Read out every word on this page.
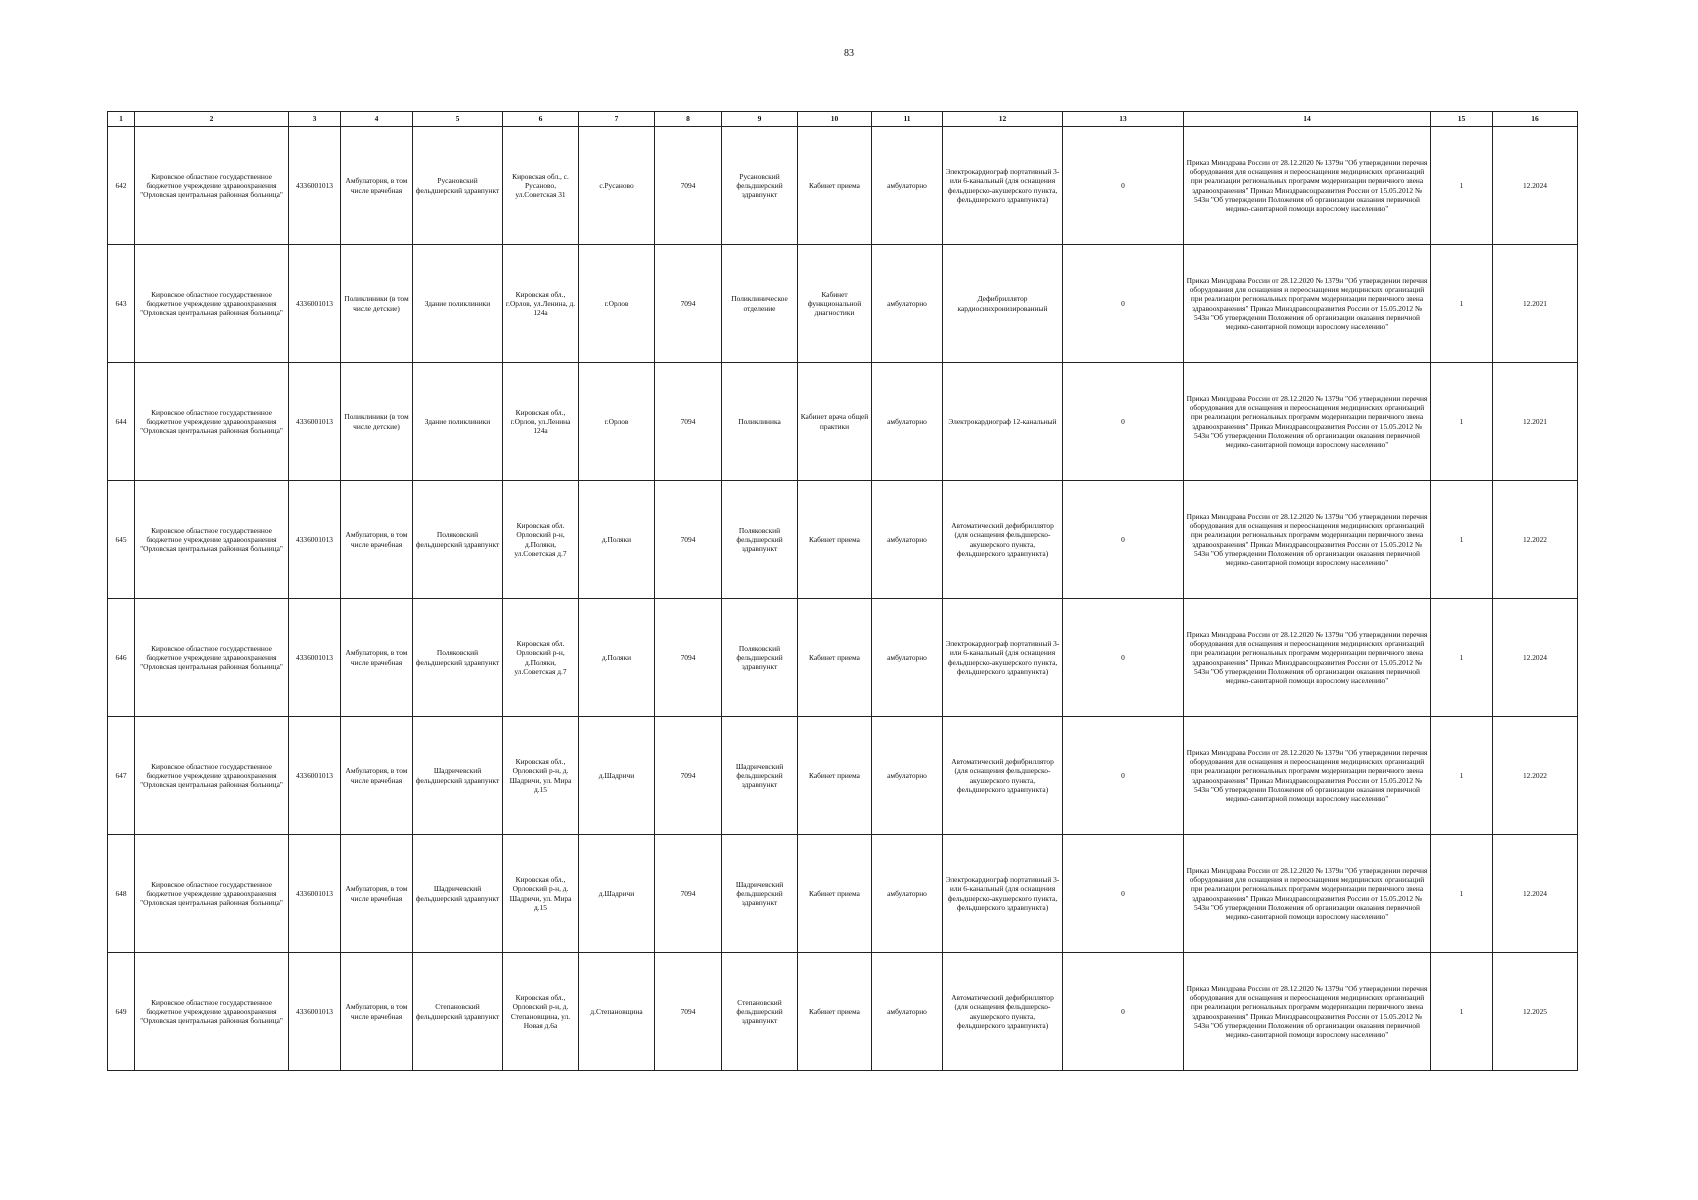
83
1	2	3	4	5	6	7	8	9	10	11	12	13	14	15	16
642	Кировское областное государственное бюджетное учреждение здравоохранения "Орловская центральная районная больница"	4336001013	Амбулатория, в том числе врачебная	Русановский фельдшерский здравпункт	Кировская обл., с. Русаново, ул.Советская 31	с.Русаново	7094	Русановский фельдшерский здравпункт	Кабинет приема	амбулаторно	Электрокардиограф портативный 3- или 6-канальный (для оснащения фельдшерско-акушерского пункта, фельдшерского здравпункта)	0	Приказ Минздрава России от 28.12.2020 № 1379н "Об утверждении перечня оборудования для оснащения и переоснащения медицинских организаций при реализации региональных программ модернизации первичного звена здравоохранения" Приказ Минздравсоцразвития России от 15.05.2012 № 543н "Об утверждении Положения об организации оказания первичной медико-санитарной помощи взрослому населению"	1	12.2024
643	Кировское областное государственное бюджетное учреждение здравоохранения "Орловская центральная районная больница"	4336001013	Поликлиники (в том числе детские)	Здание поликлиники	Кировская обл., г.Орлов, ул.Ленина, д. 124а	г.Орлов	7094	Поликлиническое отделение	Кабинет функциональной диагностики	амбулаторно	Дефибриллятор кардиосинхронизированный	0	Приказ Минздрава России от 28.12.2020 № 1379н "Об утверждении перечня оборудования для оснащения и переоснащения медицинских организаций при реализации региональных программ модернизации первичного звена здравоохранения" Приказ Минздравсоцразвития России от 15.05.2012 № 543н "Об утверждении Положения об организации оказания первичной медико-санитарной помощи взрослому населению"	1	12.2021
644	Кировское областное государственное бюджетное учреждение здравоохранения "Орловская центральная районная больница"	4336001013	Поликлиники (в том числе детские)	Здание поликлиники	Кировская обл., г.Орлов, ул.Ленина 124а	г.Орлов	7094	Поликлиника	Кабинет врача общей практики	амбулаторно	Электрокардиограф 12-канальный	0	Приказ Минздрава России от 28.12.2020 № 1379н "Об утверждении перечня оборудования для оснащения и переоснащения медицинских организаций при реализации региональных программ модернизации первичного звена здравоохранения" Приказ Минздравсоцразвития России от 15.05.2012 № 543н "Об утверждении Положения об организации оказания первичной медико-санитарной помощи взрослому населению"	1	12.2021
645	Кировское областное государственное бюджетное учреждение здравоохранения "Орловская центральная районная больница"	4336001013	Амбулатория, в том числе врачебная	Поляковский фельдшерский здравпункт	Кировская обл. Орловский р-н, д.Поляки, ул.Советская д.7	д.Поляки	7094	Поляковский фельдшерский здравпункт	Кабинет приема	амбулаторно	Автоматический дефибриллятор (для оснащения фельдшерско-акушерского пункта, фельдшерского здравпункта)	0	Приказ Минздрава России от 28.12.2020 № 1379н "Об утверждении перечня оборудования для оснащения и переоснащения медицинских организаций при реализации региональных программ модернизации первичного звена здравоохранения" Приказ Минздравсоцразвития России от 15.05.2012 № 543н "Об утверждении Положения об организации оказания первичной медико-санитарной помощи взрослому населению"	1	12.2022
646	Кировское областное государственное бюджетное учреждение здравоохранения "Орловская центральная районная больница"	4336001013	Амбулатория, в том числе врачебная	Поляковский фельдшерский здравпункт	Кировская обл. Орловский р-н, д.Поляки, ул.Советская д.7	д.Поляки	7094	Поляковский фельдшерский здравпункт	Кабинет приема	амбулаторно	Электрокардиограф портативный 3- или 6-канальный (для оснащения фельдшерско-акушерского пункта, фельдшерского здравпункта)	0	Приказ Минздрава России от 28.12.2020 № 1379н "Об утверждении перечня оборудования для оснащения и переоснащения медицинских организаций при реализации региональных программ модернизации первичного звена здравоохранения" Приказ Минздравсоцразвития России от 15.05.2012 № 543н "Об утверждении Положения об организации оказания первичной медико-санитарной помощи взрослому населению"	1	12.2024
647	Кировское областное государственное бюджетное учреждение здравоохранения "Орловская центральная районная больница"	4336001013	Амбулатория, в том числе врачебная	Шадричевский фельдшерский здравпункт	Кировская обл., Орловский р-н, д. Шадричи, ул. Мира д.15	д.Шадричи	7094	Шадричевский фельдшерский здравпункт	Кабинет приема	амбулаторно	Автоматический дефибриллятор (для оснащения фельдшерско-акушерского пункта, фельдшерского здравпункта)	0	Приказ Минздрава России от 28.12.2020 № 1379н "Об утверждении перечня оборудования для оснащения и переоснащения медицинских организаций при реализации региональных программ модернизации первичного звена здравоохранения" Приказ Минздравсоцразвития России от 15.05.2012 № 543н "Об утверждении Положения об организации оказания первичной медико-санитарной помощи взрослому населению"	1	12.2022
648	Кировское областное государственное бюджетное учреждение здравоохранения "Орловская центральная районная больница"	4336001013	Амбулатория, в том числе врачебная	Шадричевский фельдшерский здравпункт	Кировская обл., Орловский р-н, д. Шадричи, ул. Мира д.15	д.Шадричи	7094	Шадричевский фельдшерский здравпункт	Кабинет приема	амбулаторно	Электрокардиограф портативный 3- или 6-канальный (для оснащения фельдшерско-акушерского пункта, фельдшерского здравпункта)	0	Приказ Минздрава России от 28.12.2020 № 1379н "Об утверждении перечня оборудования для оснащения и переоснащения медицинских организаций при реализации региональных программ модернизации первичного звена здравоохранения" Приказ Минздравсоцразвития России от 15.05.2012 № 543н "Об утверждении Положения об организации оказания первичной медико-санитарной помощи взрослому населению"	1	12.2024
649	Кировское областное государственное бюджетное учреждение здравоохранения "Орловская центральная районная больница"	4336001013	Амбулатория, в том числе врачебная	Степановский фельдшерский здравпункт	Кировская обл., Орловский р-н, д. Степановщина, ул. Новая д.6а	д.Степановщина	7094	Степановский фельдшерский здравпункт	Кабинет приема	амбулаторно	Автоматический дефибриллятор (для оснащения фельдшерско-акушерского пункта, фельдшерского здравпункта)	0	Приказ Минздрава России от 28.12.2020 № 1379н "Об утверждении перечня оборудования для оснащения и переоснащения медицинских организаций при реализации региональных программ модернизации первичного звена здравоохранения" Приказ Минздравсоцразвития России от 15.05.2012 № 543н "Об утверждении Положения об организации оказания первичной медико-санитарной помощи взрослому населению"	1	12.2025
